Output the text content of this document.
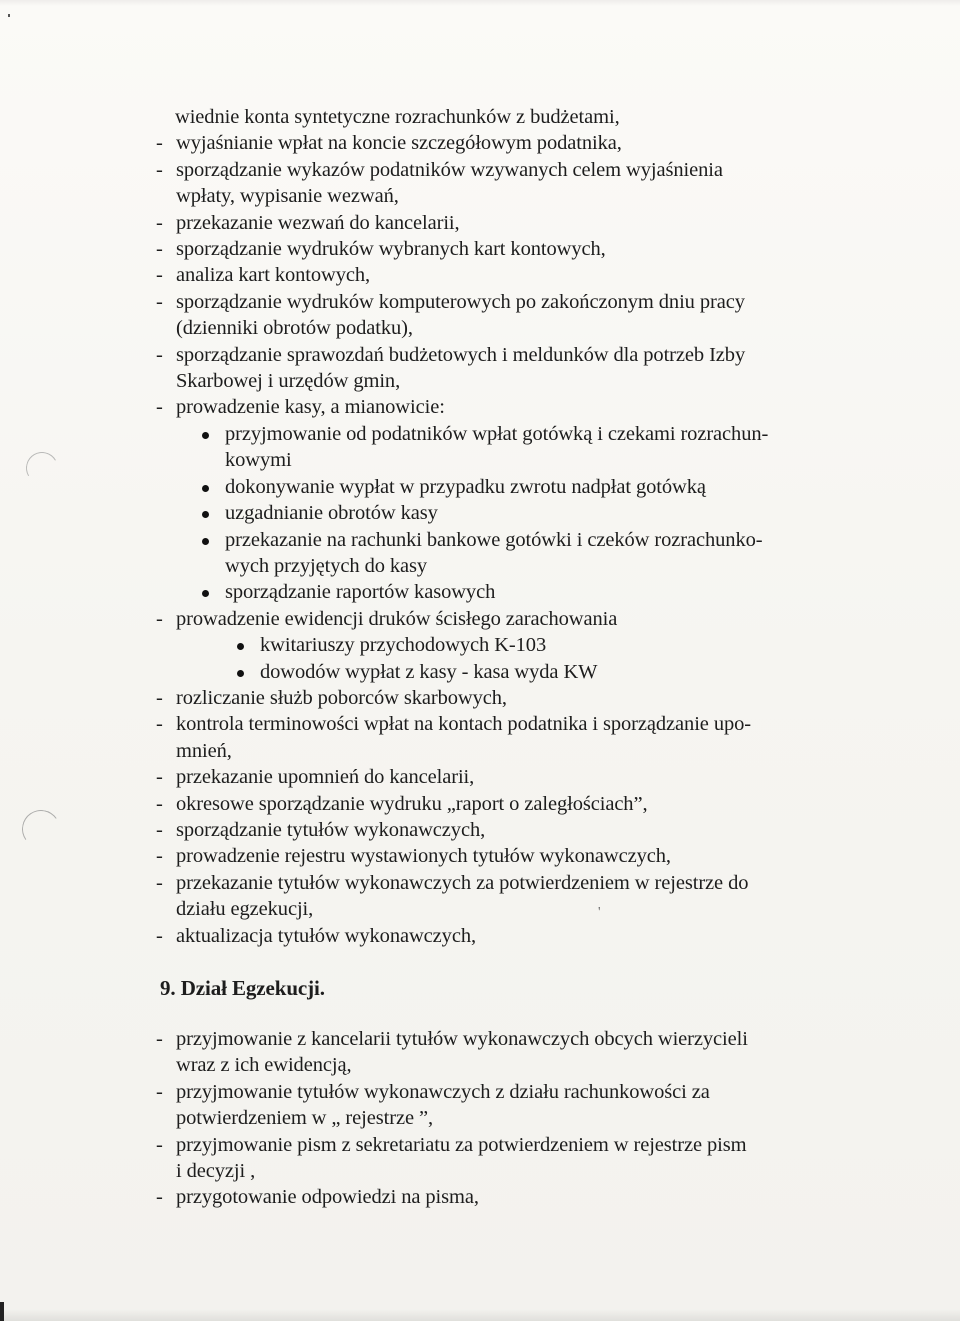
'
wiednie konta syntetyczne rozrachunków z budżetami,
- wyjaśnianie wpłat na koncie szczegółowym podatnika,
- sporządzanie wykazów podatników wzywanych celem wyjaśnienia
wpłaty, wypisanie wezwań,
- przekazanie wezwań do kancelarii,
- sporządzanie wydruków wybranych kart kontowych,
- analiza kart kontowych,
- sporządzanie wydruków komputerowych po zakończonym dniu pracy
(dzienniki obrotów podatku),
- sporządzanie sprawozdań budżetowych i meldunków dla potrzeb Izby
Skarbowej i urzędów gmin,
- prowadzenie kasy, a mianowicie:
przyjmowanie od podatników wpłat gotówką i czekami rozrachun-
kowymi
dokonywanie wypłat w przypadku zwrotu nadpłat gotówką
uzgadnianie obrotów kasy
przekazanie na rachunki bankowe gotówki i czeków rozrachunko-
wych przyjętych do kasy
sporządzanie raportów kasowych
- prowadzenie ewidencji druków ścisłego zarachowania
kwitariuszy przychodowych K-103
dowodów wypłat z kasy - kasa wyda KW
- rozliczanie służb poborców skarbowych,
- kontrola terminowości wpłat na kontach podatnika i sporządzanie upo-
mnień,
- przekazanie upomnień do kancelarii,
- okresowe sporządzanie wydruku „raport o zaległościach”,
- sporządzanie tytułów wykonawczych,
- prowadzenie rejestru wystawionych tytułów wykonawczych,
- przekazanie tytułów wykonawczych za potwierdzeniem w rejestrze do
działu egzekucji,
- aktualizacja tytułów wykonawczych,
9. Dział Egzekucji.
- przyjmowanie z kancelarii tytułów wykonawczych obcych wierzycieli
wraz z ich ewidencją,
- przyjmowanie tytułów wykonawczych z działu rachunkowości za
potwierdzeniem w „ rejestrze ”,
- przyjmowanie pism z sekretariatu za potwierdzeniem w rejestrze pism
i decyzji ,
- przygotowanie odpowiedzi na pisma,
